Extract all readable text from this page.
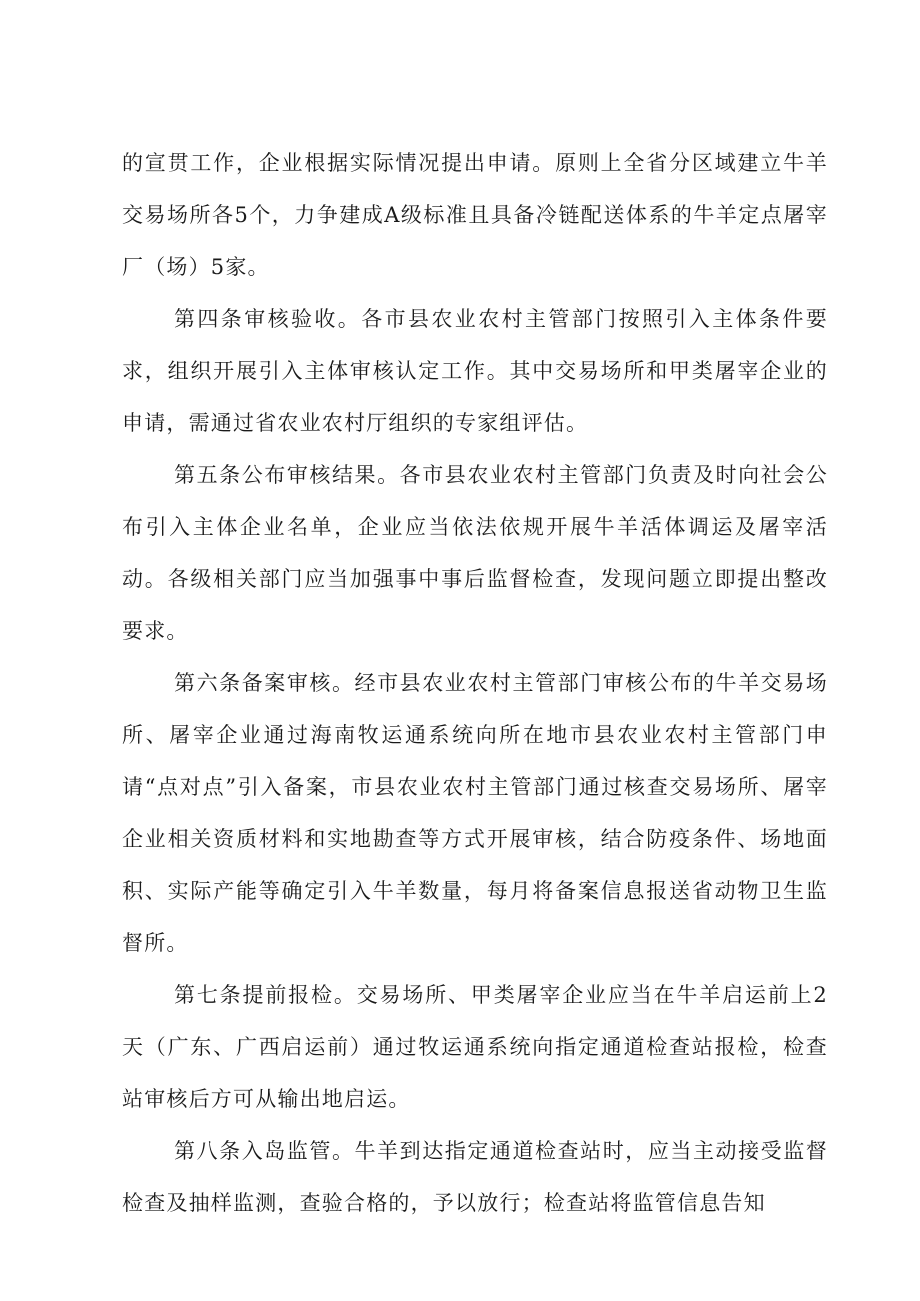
的宣贯工作，企业根据实际情况提出申请。原则上全省分区域建立牛羊交易场所各5个，力争建成A级标准且具备冷链配送体系的牛羊定点屠宰厂（场）5家。

第四条审核验收。各市县农业农村主管部门按照引入主体条件要求，组织开展引入主体审核认定工作。其中交易场所和甲类屠宰企业的申请，需通过省农业农村厅组织的专家组评估。

第五条公布审核结果。各市县农业农村主管部门负责及时向社会公布引入主体企业名单，企业应当依法依规开展牛羊活体调运及屠宰活动。各级相关部门应当加强事中事后监督检查，发现问题立即提出整改要求。

第六条备案审核。经市县农业农村主管部门审核公布的牛羊交易场所、屠宰企业通过海南牧运通系统向所在地市县农业农村主管部门申请“点对点”引入备案，市县农业农村主管部门通过核查交易场所、屠宰企业相关资质材料和实地勘查等方式开展审核，结合防疫条件、场地面积、实际产能等确定引入牛羊数量，每月将备案信息报送省动物卫生监督所。

第七条提前报检。交易场所、甲类屠宰企业应当在牛羊启运前上2天（广东、广西启运前）通过牧运通系统向指定通道检查站报检，检查站审核后方可从输出地启运。

第八条入岛监管。牛羊到达指定通道检查站时，应当主动接受监督检查及抽样监测，查验合格的，予以放行；检查站将监管信息告知
